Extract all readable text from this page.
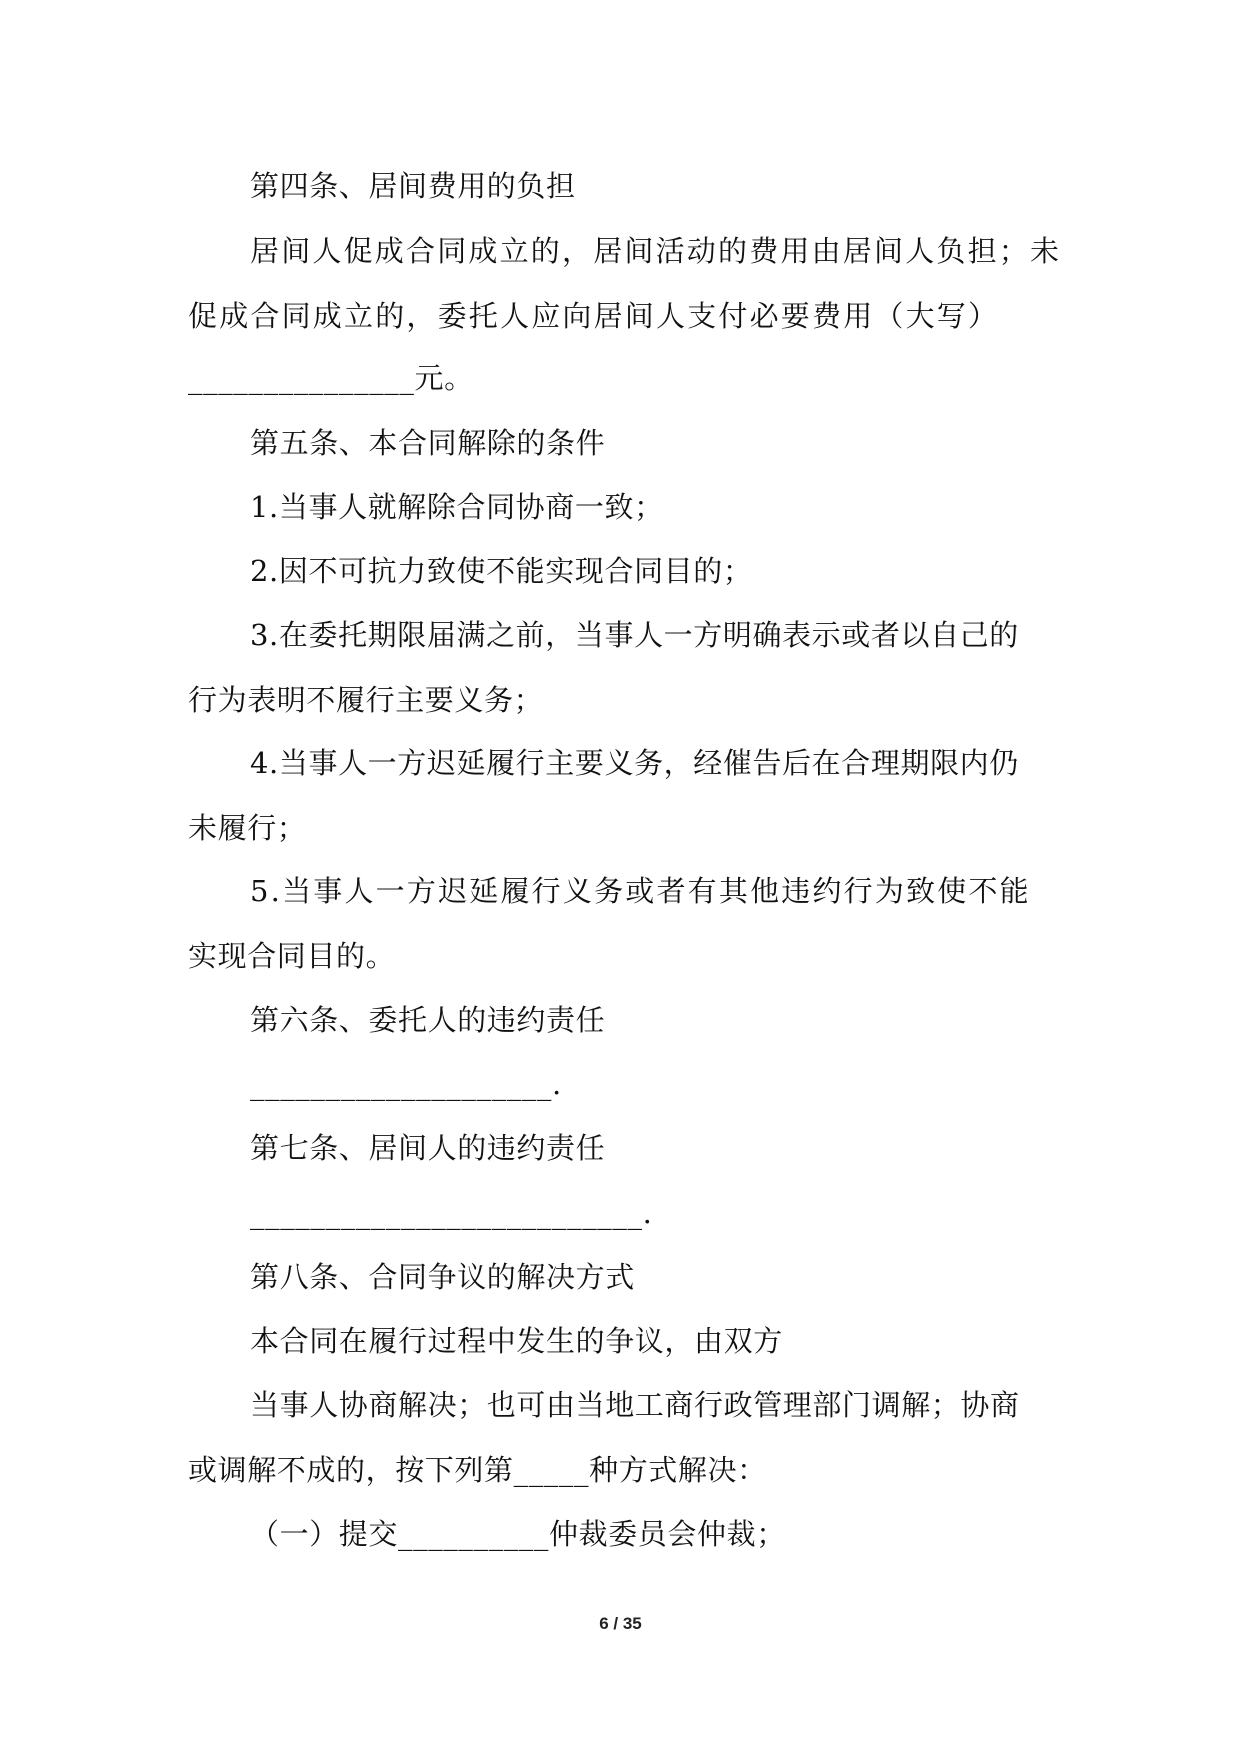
第四条、居间费用的负担
居间人促成合同成立的，居间活动的费用由居间人负担；未
促成合同成立的，委托人应向居间人支付必要费用（大写）
_______________元。
第五条、本合同解除的条件
1.当事人就解除合同协商一致；
2.因不可抗力致使不能实现合同目的；
3.在委托期限届满之前，当事人一方明确表示或者以自己的
行为表明不履行主要义务；
4.当事人一方迟延履行主要义务，经催告后在合理期限内仍
未履行；
5.当事人一方迟延履行义务或者有其他违约行为致使不能
实现合同目的。
第六条、委托人的违约责任
____________________.
第七条、居间人的违约责任
__________________________.
第八条、合同争议的解决方式
本合同在履行过程中发生的争议，由双方
当事人协商解决；也可由当地工商行政管理部门调解；协商
或调解不成的，按下列第_____种方式解决：
（一）提交__________仲裁委员会仲裁；
6 / 35
